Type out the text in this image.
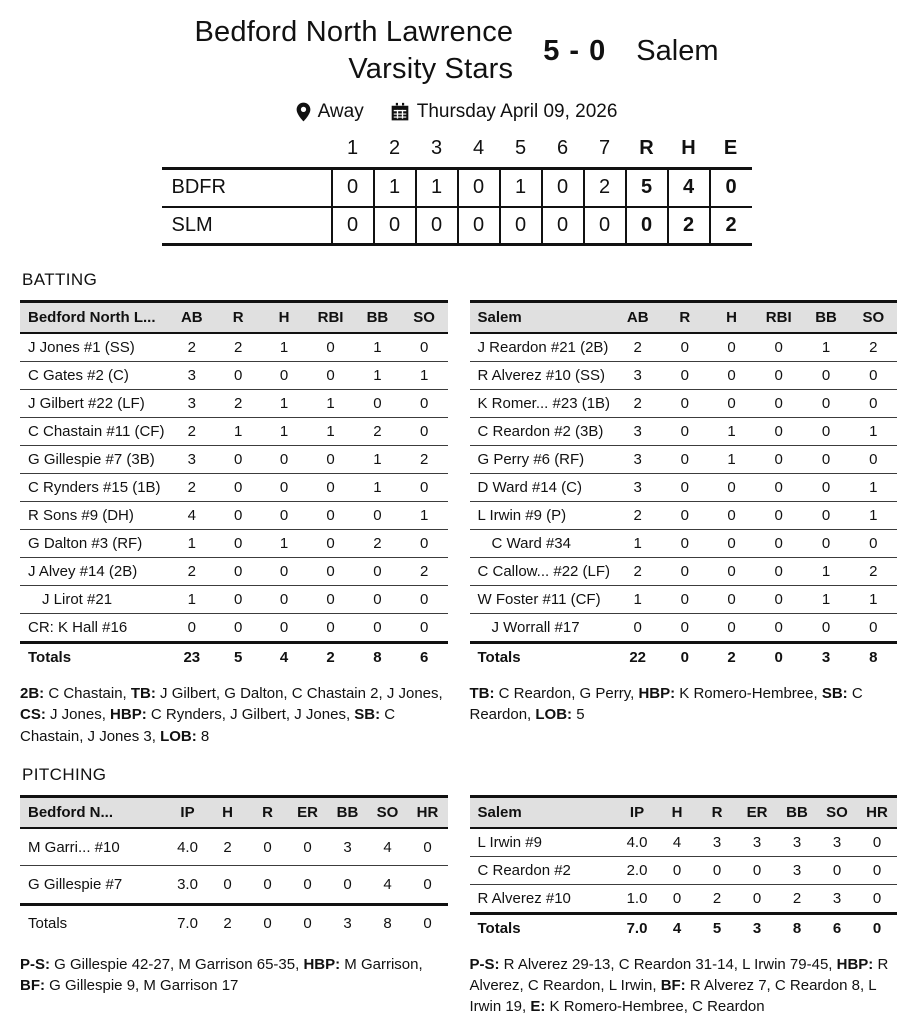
Bedford North Lawrence
Varsity Stars
5 - 0 Salem
Away	Thursday April 09, 2026
	1	2	3	4	5	6	7	R	H	E
BDFR	0	1	1	0	1	0	2	5	4	0
SLM	0	0	0	0	0	0	0	0	2	2
BATTING
Bedford North L...	AB	R	H	RBI	BB	SO
J Jones #1 (SS)	2	2	1	0	1	0
C Gates #2 (C)	3	0	0	0	1	1
J Gilbert #22 (LF)	3	2	1	1	0	0
C Chastain #11 (CF)	2	1	1	1	2	0
G Gillespie #7 (3B)	3	0	0	0	1	2
C Rynders #15 (1B)	2	0	0	0	1	0
R Sons #9 (DH)	4	0	0	0	0	1
G Dalton #3 (RF)	1	0	1	0	2	0
J Alvey #14 (2B)	2	0	0	0	0	2
J Lirot #21	1	0	0	0	0	0
CR: K Hall #16	0	0	0	0	0	0
Totals	23	5	4	2	8	6
Salem	AB	R	H	RBI	BB	SO
J Reardon #21 (2B)	2	0	0	0	1	2
R Alverez #10 (SS)	3	0	0	0	0	0
K Romer... #23 (1B)	2	0	0	0	0	0
C Reardon #2 (3B)	3	0	1	0	0	1
G Perry #6 (RF)	3	0	1	0	0	0
D Ward #14 (C)	3	0	0	0	0	1
L Irwin #9 (P)	2	0	0	0	0	1
C Ward #34	1	0	0	0	0	0
C Callow... #22 (LF)	2	0	0	0	1	2
W Foster #11 (CF)	1	0	0	0	1	1
J Worrall #17	0	0	0	0	0	0
Totals	22	0	2	0	3	8
2B: C Chastain, TB: J Gilbert, G Dalton, C Chastain 2, J Jones, CS: J Jones, HBP: C Rynders, J Gilbert, J Jones, SB: C Chastain, J Jones 3, LOB: 8
TB: C Reardon, G Perry, HBP: K Romero-Hembree, SB: C Reardon, LOB: 5
PITCHING
Bedford N...	IP	H	R	ER	BB	SO	HR
M Garri... #10	4.0	2	0	0	3	4	0
G Gillespie #7	3.0	0	0	0	0	4	0
Totals	7.0	2	0	0	3	8	0
Salem	IP	H	R	ER	BB	SO	HR
L Irwin #9	4.0	4	3	3	3	3	0
C Reardon #2	2.0	0	0	0	3	0	0
R Alverez #10	1.0	0	2	0	2	3	0
Totals	7.0	4	5	3	8	6	0
P-S: G Gillespie 42-27, M Garrison 65-35, HBP: M Garrison, BF: G Gillespie 9, M Garrison 17
P-S: R Alverez 29-13, C Reardon 31-14, L Irwin 79-45, HBP: R Alverez, C Reardon, L Irwin, BF: R Alverez 7, C Reardon 8, L Irwin 19, E: K Romero-Hembree, C Reardon
